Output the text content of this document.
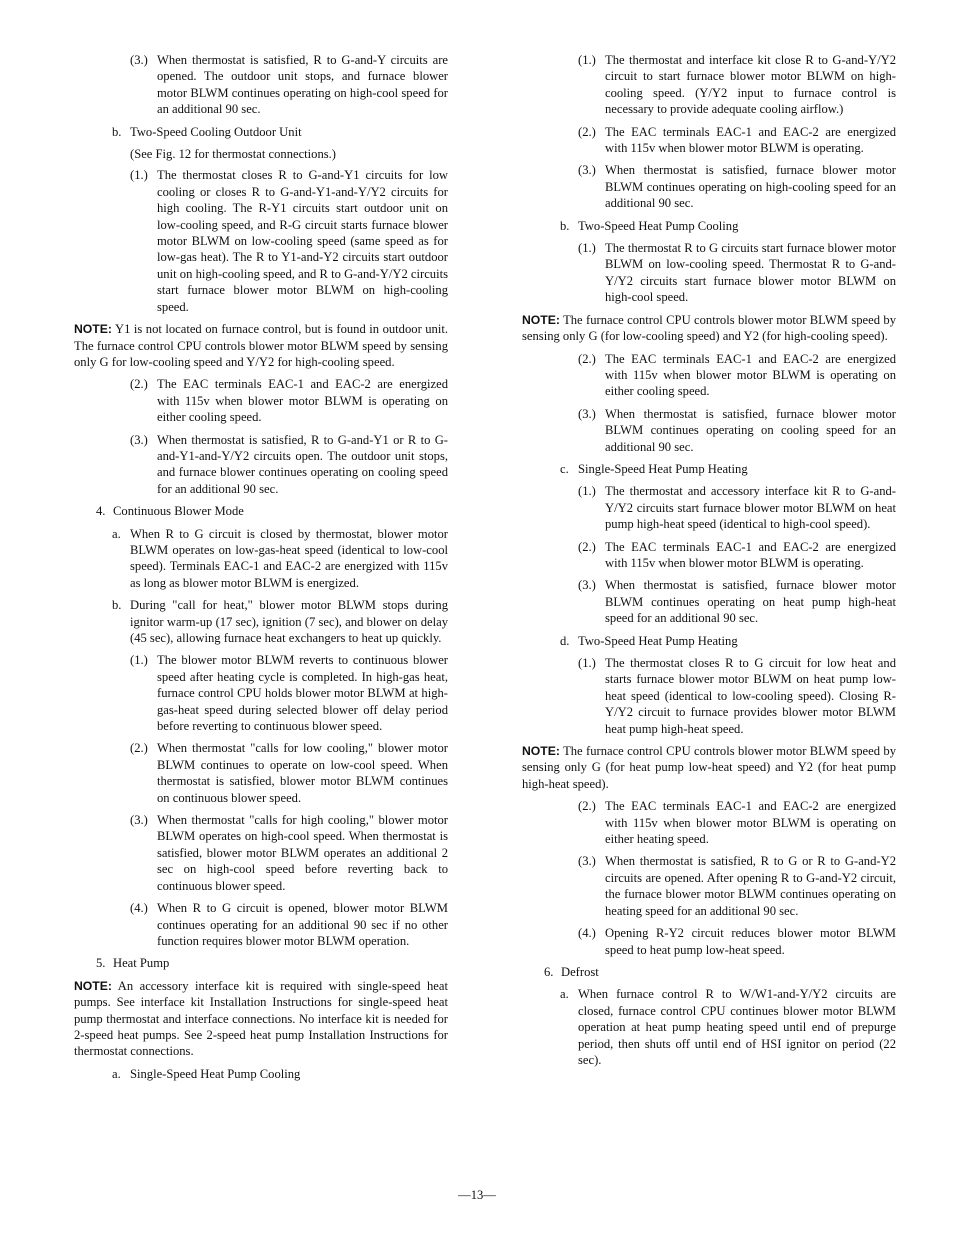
(3.) When thermostat is satisfied, R to G-and-Y circuits are opened. The outdoor unit stops, and furnace blower motor BLWM continues operating on high-cool speed for an additional 90 sec.
b. Two-Speed Cooling Outdoor Unit
(See Fig. 12 for thermostat connections.)
(1.) The thermostat closes R to G-and-Y1 circuits for low cooling or closes R to G-and-Y1-and-Y/Y2 circuits for high cooling. The R-Y1 circuits start outdoor unit on low-cooling speed, and R-G circuit starts furnace blower motor BLWM on low-cooling speed (same speed as for low-gas heat). The R to Y1-and-Y2 circuits start outdoor unit on high-cooling speed, and R to G-and-Y/Y2 circuits start furnace blower motor BLWM on high-cooling speed.
NOTE: Y1 is not located on furnace control, but is found in outdoor unit. The furnace control CPU controls blower motor BLWM speed by sensing only G for low-cooling speed and Y/Y2 for high-cooling speed.
(2.) The EAC terminals EAC-1 and EAC-2 are energized with 115v when blower motor BLWM is operating on either cooling speed.
(3.) When thermostat is satisfied, R to G-and-Y1 or R to G-and-Y1-and-Y/Y2 circuits open. The outdoor unit stops, and furnace blower continues operating on cooling speed for an additional 90 sec.
4. Continuous Blower Mode
a. When R to G circuit is closed by thermostat, blower motor BLWM operates on low-gas-heat speed (identical to low-cool speed). Terminals EAC-1 and EAC-2 are energized with 115v as long as blower motor BLWM is energized.
b. During "call for heat," blower motor BLWM stops during ignitor warm-up (17 sec), ignition (7 sec), and blower on delay (45 sec), allowing furnace heat exchangers to heat up quickly.
(1.) The blower motor BLWM reverts to continuous blower speed after heating cycle is completed. In high-gas heat, furnace control CPU holds blower motor BLWM at high-gas-heat speed during selected blower off delay period before reverting to continuous blower speed.
(2.) When thermostat "calls for low cooling," blower motor BLWM continues to operate on low-cool speed. When thermostat is satisfied, blower motor BLWM continues on continuous blower speed.
(3.) When thermostat "calls for high cooling," blower motor BLWM operates on high-cool speed. When thermostat is satisfied, blower motor BLWM operates an additional 2 sec on high-cool speed before reverting back to continuous blower speed.
(4.) When R to G circuit is opened, blower motor BLWM continues operating for an additional 90 sec if no other function requires blower motor BLWM operation.
5. Heat Pump
NOTE: An accessory interface kit is required with single-speed heat pumps. See interface kit Installation Instructions for single-speed heat pump thermostat and interface connections. No interface kit is needed for 2-speed heat pumps. See 2-speed heat pump Installation Instructions for thermostat connections.
a. Single-Speed Heat Pump Cooling
(1.) The thermostat and interface kit close R to G-and-Y/Y2 circuit to start furnace blower motor BLWM on high-cooling speed. (Y/Y2 input to furnace control is necessary to provide adequate cooling airflow.)
(2.) The EAC terminals EAC-1 and EAC-2 are energized with 115v when blower motor BLWM is operating.
(3.) When thermostat is satisfied, furnace blower motor BLWM continues operating on high-cooling speed for an additional 90 sec.
b. Two-Speed Heat Pump Cooling
(1.) The thermostat R to G circuits start furnace blower motor BLWM on low-cooling speed. Thermostat R to G-and-Y/Y2 circuits start furnace blower motor BLWM on high-cool speed.
NOTE: The furnace control CPU controls blower motor BLWM speed by sensing only G (for low-cooling speed) and Y2 (for high-cooling speed).
(2.) The EAC terminals EAC-1 and EAC-2 are energized with 115v when blower motor BLWM is operating on either cooling speed.
(3.) When thermostat is satisfied, furnace blower motor BLWM continues operating on cooling speed for an additional 90 sec.
c. Single-Speed Heat Pump Heating
(1.) The thermostat and accessory interface kit R to G-and-Y/Y2 circuits start furnace blower motor BLWM on heat pump high-heat speed (identical to high-cool speed).
(2.) The EAC terminals EAC-1 and EAC-2 are energized with 115v when blower motor BLWM is operating.
(3.) When thermostat is satisfied, furnace blower motor BLWM continues operating on heat pump high-heat speed for an additional 90 sec.
d. Two-Speed Heat Pump Heating
(1.) The thermostat closes R to G circuit for low heat and starts furnace blower motor BLWM on heat pump low-heat speed (identical to low-cooling speed). Closing R-Y/Y2 circuit to furnace provides blower motor BLWM heat pump high-heat speed.
NOTE: The furnace control CPU controls blower motor BLWM speed by sensing only G (for heat pump low-heat speed) and Y2 (for heat pump high-heat speed).
(2.) The EAC terminals EAC-1 and EAC-2 are energized with 115v when blower motor BLWM is operating on either heating speed.
(3.) When thermostat is satisfied, R to G or R to G-and-Y2 circuits are opened. After opening R to G-and-Y2 circuit, the furnace blower motor BLWM continues operating on heating speed for an additional 90 sec.
(4.) Opening R-Y2 circuit reduces blower motor BLWM speed to heat pump low-heat speed.
6. Defrost
a. When furnace control R to W/W1-and-Y/Y2 circuits are closed, furnace control CPU continues blower motor BLWM operation at heat pump heating speed until end of prepurge period, then shuts off until end of HSI ignitor on period (22 sec).
—13—
